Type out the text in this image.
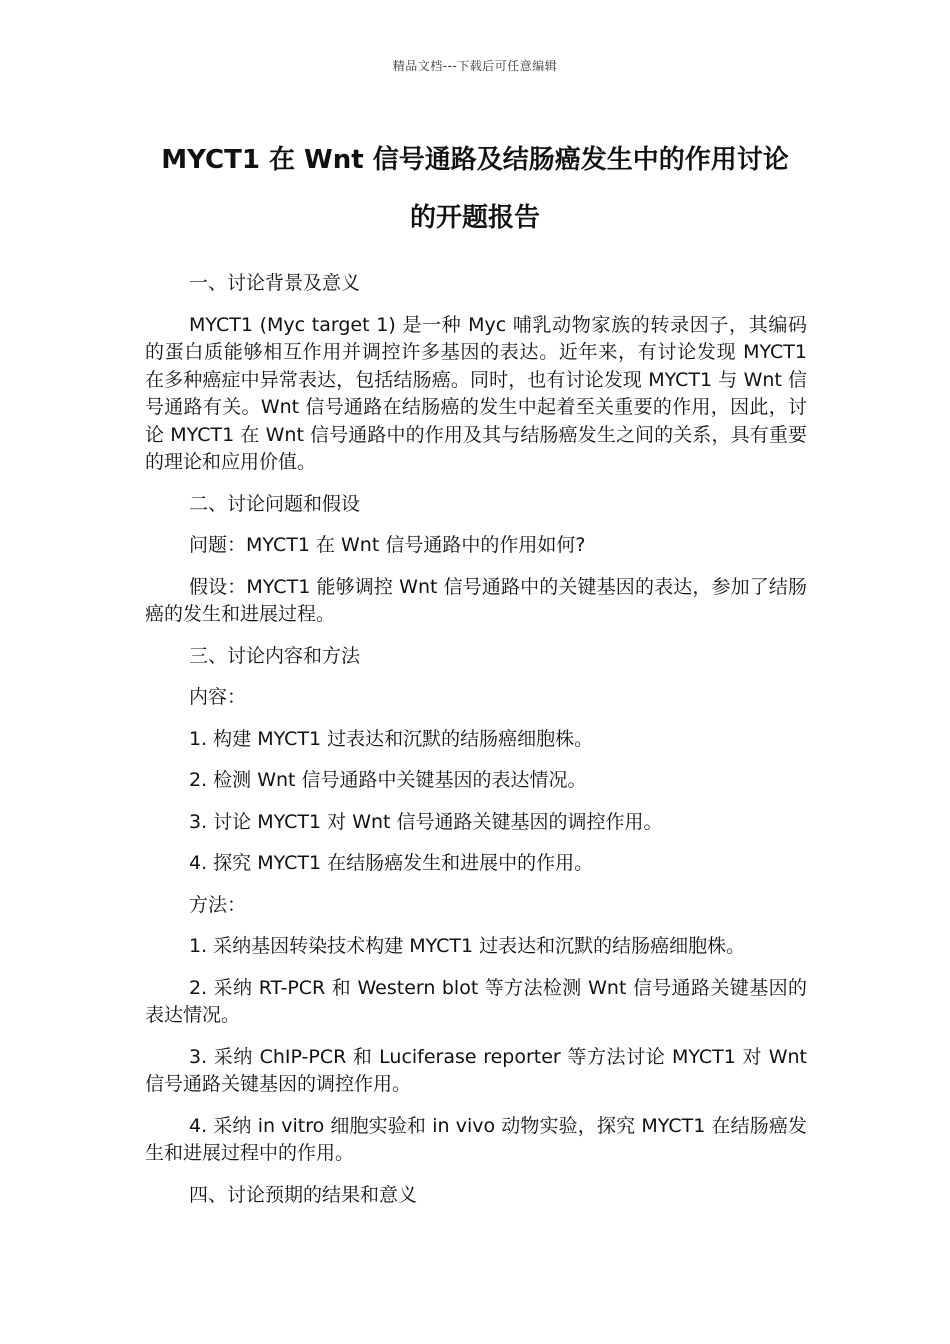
精品文档---下载后可任意编辑
MYCT1 在 Wnt 信号通路及结肠癌发生中的作用讨论
的开题报告

一、讨论背景及意义

MYCT1 (Myc target 1) 是一种 Myc 哺乳动物家族的转录因子，其编码的蛋白质能够相互作用并调控许多基因的表达。近年来，有讨论发现 MYCT1 在多种癌症中异常表达，包括结肠癌。同时，也有讨论发现 MYCT1 与 Wnt 信号通路有关。Wnt 信号通路在结肠癌的发生中起着至关重要的作用，因此，讨论 MYCT1 在 Wnt 信号通路中的作用及其与结肠癌发生之间的关系，具有重要的理论和应用价值。

二、讨论问题和假设

问题：MYCT1 在 Wnt 信号通路中的作用如何?

假设：MYCT1 能够调控 Wnt 信号通路中的关键基因的表达，参加了结肠癌的发生和进展过程。

三、讨论内容和方法

内容：

1. 构建 MYCT1 过表达和沉默的结肠癌细胞株。

2. 检测 Wnt 信号通路中关键基因的表达情况。

3. 讨论 MYCT1 对 Wnt 信号通路关键基因的调控作用。

4. 探究 MYCT1 在结肠癌发生和进展中的作用。

方法：

1. 采纳基因转染技术构建 MYCT1 过表达和沉默的结肠癌细胞株。

2. 采纳 RT-PCR 和 Western blot 等方法检测 Wnt 信号通路关键基因的表达情况。

3. 采纳 ChIP-PCR 和 Luciferase reporter 等方法讨论 MYCT1 对 Wnt 信号通路关键基因的调控作用。

4. 采纳 in vitro 细胞实验和 in vivo 动物实验，探究 MYCT1 在结肠癌发生和进展过程中的作用。

四、讨论预期的结果和意义
